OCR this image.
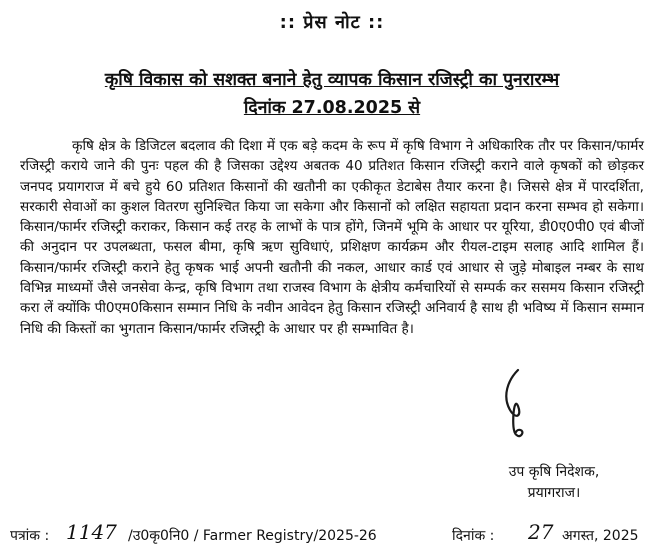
:: प्रेस नोट ::
कृषि विकास को सशक्त बनाने हेतु व्यापक किसान रजिस्ट्री का पुनरारम्भ
दिनांक 27.08.2025 से

कृषि क्षेत्र के डिजिटल बदलाव की दिशा में एक बड़े कदम के रूप में कृषि विभाग ने अधिकारिक तौर पर किसान/फार्मर रजिस्ट्री कराये जाने की पुनः पहल की है जिसका उद्देश्य अबतक 40 प्रतिशत किसान रजिस्ट्री कराने वाले कृषकों को छोड़कर जनपद प्रयागराज में बचे हुये 60 प्रतिशत किसानों की खतौनी का एकीकृत डेटाबेस तैयार करना है। जिससे क्षेत्र में पारदर्शिता, सरकारी सेवाओं का कुशल वितरण सुनिश्चित किया जा सकेगा और किसानों को लक्षित सहायता प्रदान करना सम्भव हो सकेगा। किसान/फार्मर रजिस्ट्री कराकर, किसान कई तरह के लाभों के पात्र होंगे, जिनमें भूमि के आधार पर यूरिया, डी0ए0पी0 एवं बीजों की अनुदान पर उपलब्धता, फसल बीमा, कृषि ऋण सुविधाएं, प्रशिक्षण कार्यक्रम और रीयल-टाइम सलाह आदि शामिल हैं। किसान/फार्मर रजिस्ट्री कराने हेतु कृषक भाई अपनी खतौनी की नकल, आधार कार्ड एवं आधार से जुड़े मोबाइल नम्बर के साथ विभिन्न माध्यमों जैसे जनसेवा केन्द्र, कृषि विभाग तथा राजस्व विभाग के क्षेत्रीय कर्मचारियों से सम्पर्क कर ससमय किसान रजिस्ट्री करा लें क्योंकि पी0एम0किसान सम्मान निधि के नवीन आवेदन हेतु किसान रजिस्ट्री अनिवार्य है साथ ही भविष्य में किसान सम्मान निधि की किस्तों का भुगतान किसान/फार्मर रजिस्ट्री के आधार पर ही सम्भावित है।

उप कृषि निदेशक,
प्रयागराज।
पत्रांक : 1147 /उ0कृ0नि0 / Farmer Registry/2025-26	दिनांक : 27 अगस्त, 2025
